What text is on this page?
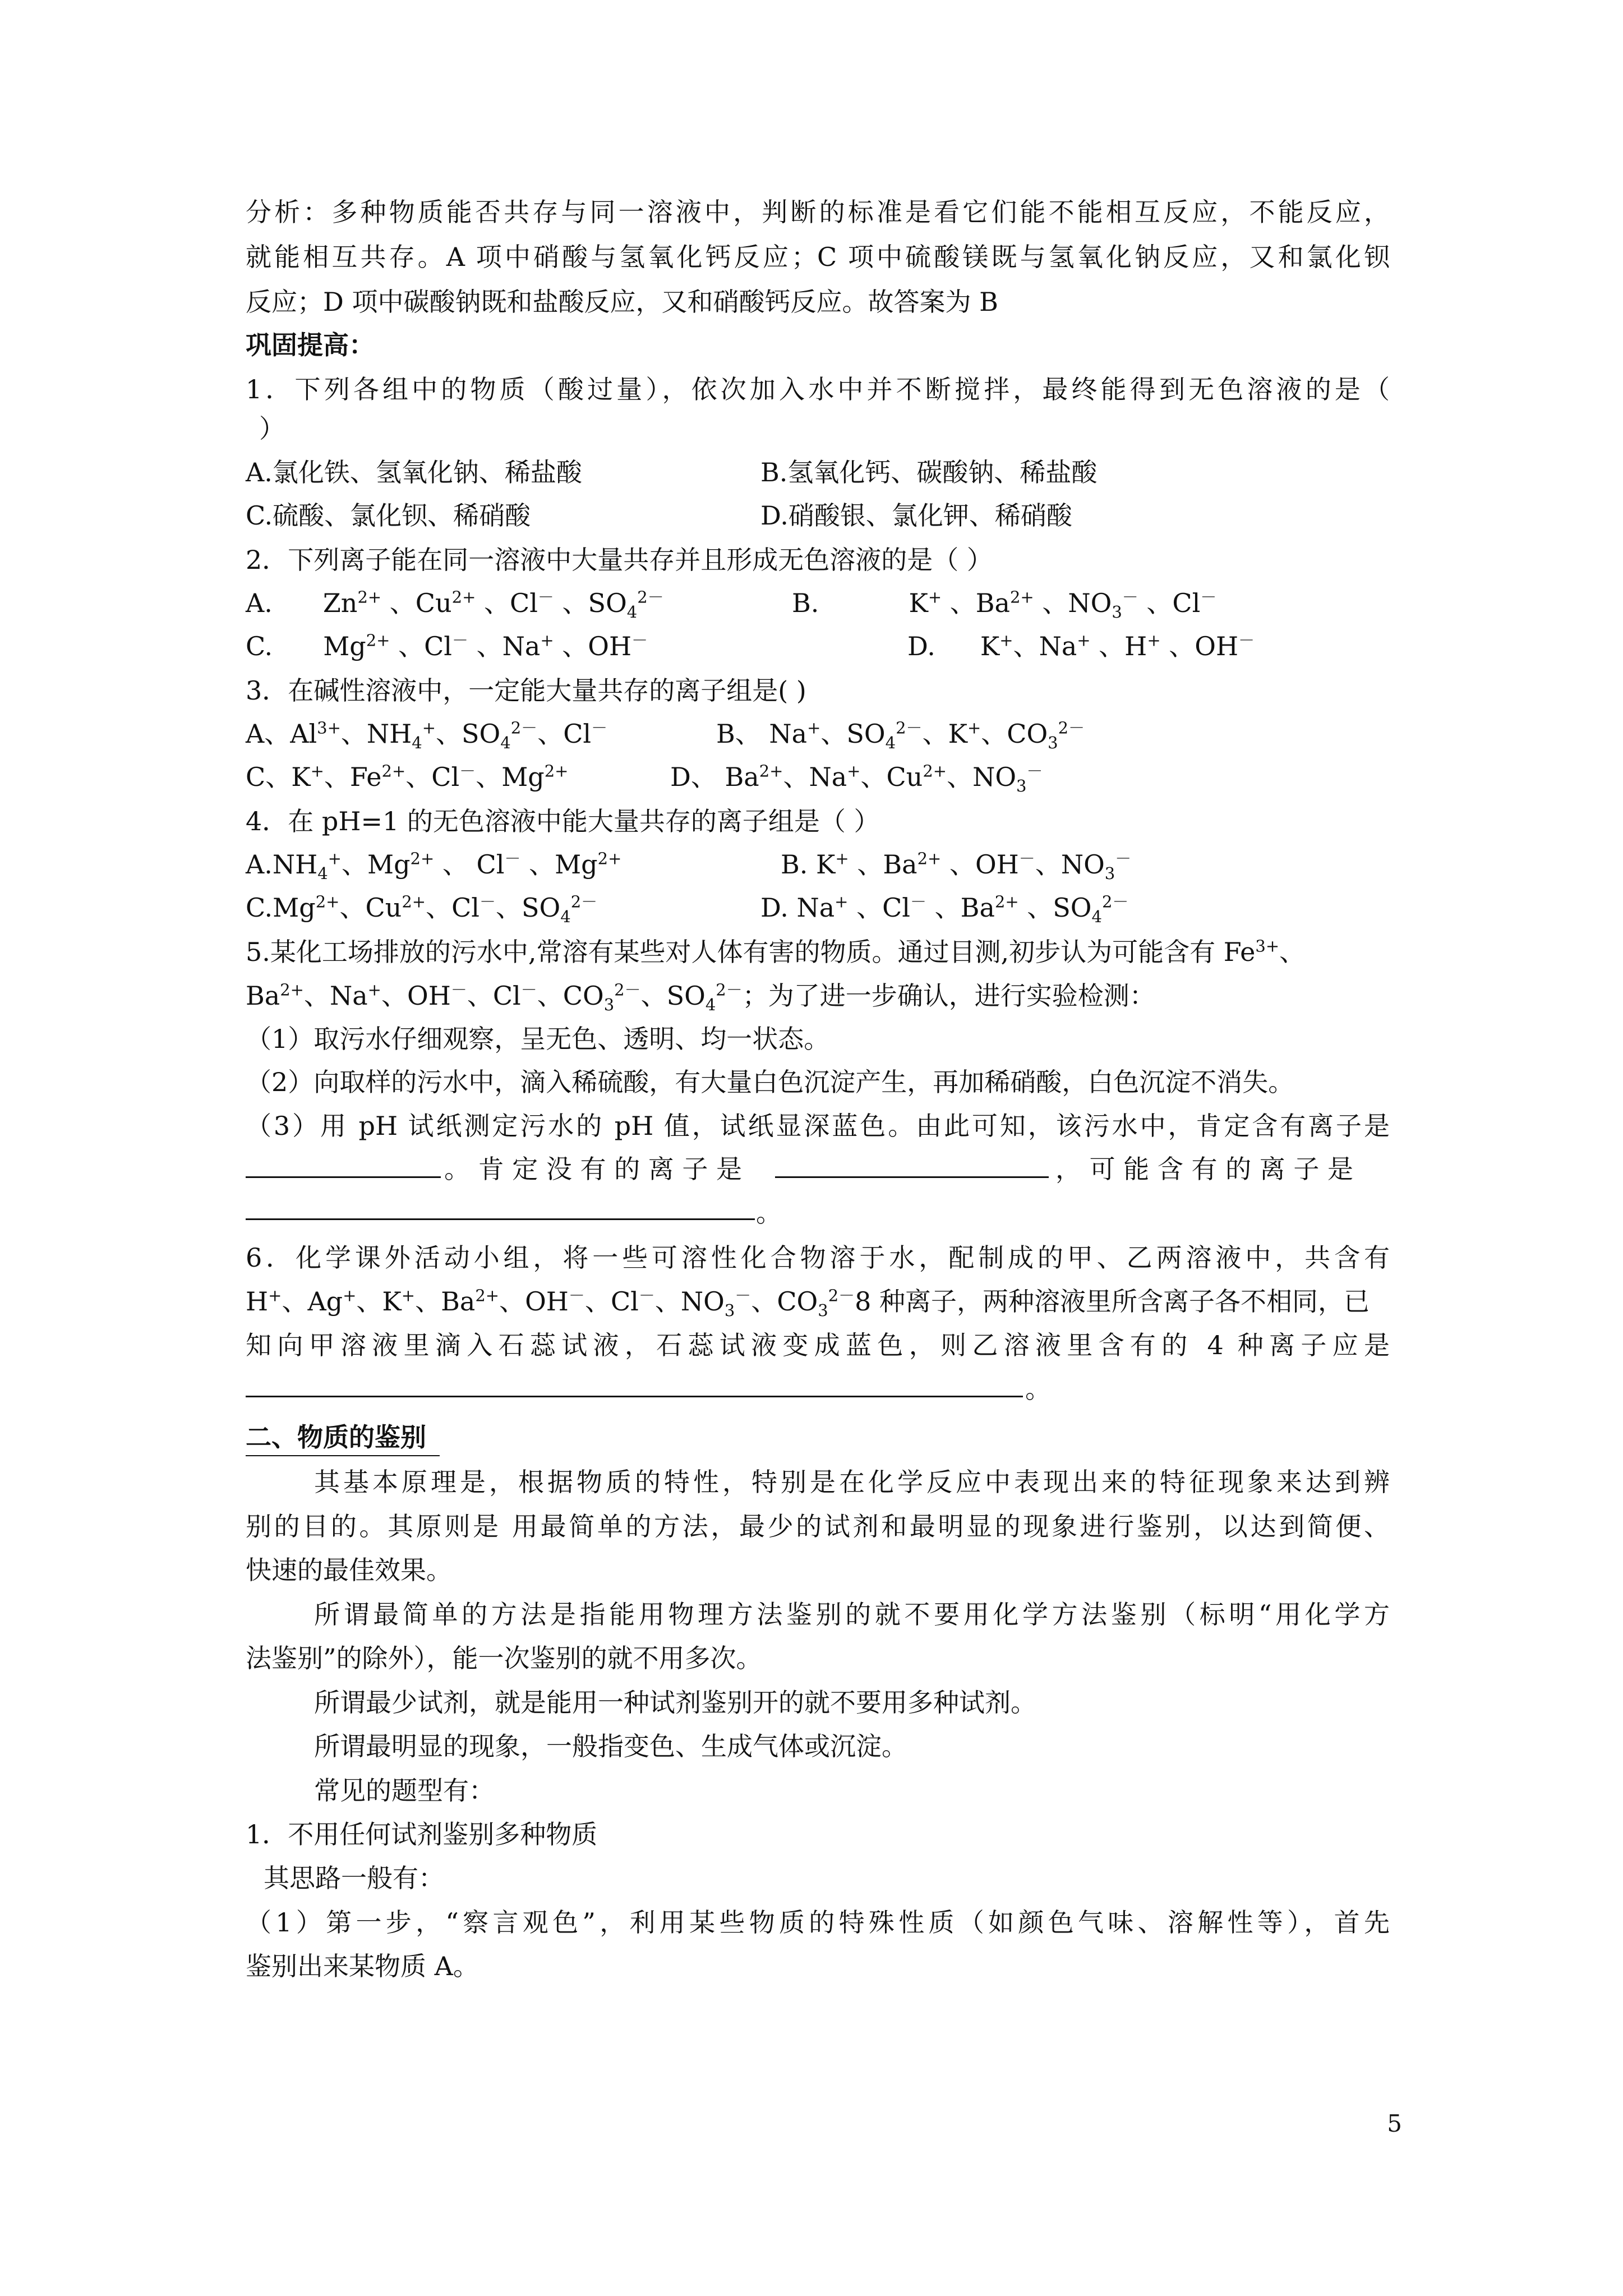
分析：多种物质能否共存与同一溶液中，判断的标准是看它们能不能相互反应，不能反应，
就能相互共存。A 项中硝酸与氢氧化钙反应；C 项中硫酸镁既与氢氧化钠反应，又和氯化钡
反应；D 项中碳酸钠既和盐酸反应，又和硝酸钙反应。故答案为 B
巩固提高：
1．下列各组中的物质（酸过量），依次加入水中并不断搅拌，最终能得到无色溶液的是（
）
A.氯化铁、氢氧化钠、稀盐酸	B.氢氧化钙、碳酸钠、稀盐酸
C.硫酸、氯化钡、稀硝酸	D.硝酸银、氯化钾、稀硝酸
2．下列离子能在同一溶液中大量共存并且形成无色溶液的是（ ）
A. $Zn^{2+}$ 、$Cu^{2+}$ 、Cl－ 、$SO_4^{2-}$	B.	K+ 、$Ba^{2+}$ 、$NO_3^-$ 、Cl－
C. $Mg^{2+}$ 、Cl－ 、Na+ 、OH－	D. K+、Na+ 、H+ 、OH－
3．在碱性溶液中，一定能大量共存的离子组是( )
A、$Al^{3+}$、$NH_4^+$、$SO_4^{2-}$、Cl－	B、 Na+、$SO_4^{2-}$、K+、$CO_3^{2-}$
C、K+、$Fe^{2+}$、Cl－、$Mg^{2+}$	D、 $Ba^{2+}$、Na+、$Cu^{2+}$、$NO_3^-$
4．在 pH=1 的无色溶液中能大量共存的离子组是（ ）
$A.NH_4^+$、$Mg^{2+}$ 、 Cl－ 、$Mg^{2+}$	B. K+ 、$Ba^{2+}$ 、OH－、$NO_3^-$
$C.Mg^{2+}$、$Cu^{2+}$、Cl－、$SO_4^{2-}$	D. Na+ 、Cl－ 、$Ba^{2+}$ 、$SO_4^{2-}$
5.某化工场排放的污水中,常溶有某些对人体有害的物质。通过目测,初步认为可能含有 $Fe^{3+}$、
$Ba^{2+}$、Na+、OH－、Cl－、$CO_3^{2-}$、$SO_4^{2-}$；为了进一步确认，进行实验检测：
（1）取污水仔细观察，呈无色、透明、均一状态。
（2）向取样的污水中，滴入稀硫酸，有大量白色沉淀产生，再加稀硝酸，白色沉淀不消失。
（3）用 pH 试纸测定污水的 pH 值，试纸显深蓝色。由此可知，该污水中，肯定含有离子是
。 肯 定 没 有 的 离 子 是	， 可 能 含 有 的 离 子 是
。
6．化学课外活动小组，将一些可溶性化合物溶于水，配制成的甲、乙两溶液中，共含有
H+、Ag+、K+、$Ba^{2+}$、OH－、Cl－、$NO_3^-$、$CO_3^{2-}8$ 种离子，两种溶液里所含离子各不相同，已
知向甲溶液里滴入石蕊试液，石蕊试液变成蓝色，则乙溶液里含有的 4 种离子应是
。
二、物质的鉴别
其基本原理是，根据物质的特性，特别是在化学反应中表现出来的特征现象来达到辨
别的目的。其原则是 用最简单的方法，最少的试剂和最明显的现象进行鉴别，以达到简便、
快速的最佳效果。
所谓最简单的方法是指能用物理方法鉴别的就不要用化学方法鉴别（标明“用化学方
法鉴别”的除外），能一次鉴别的就不用多次。
所谓最少试剂，就是能用一种试剂鉴别开的就不要用多种试剂。
所谓最明显的现象，一般指变色、生成气体或沉淀。
常见的题型有：
1．不用任何试剂鉴别多种物质
其思路一般有：
（1）第一步，“察言观色”，利用某些物质的特殊性质（如颜色气味、溶解性等），首先
鉴别出来某物质 A。
5
